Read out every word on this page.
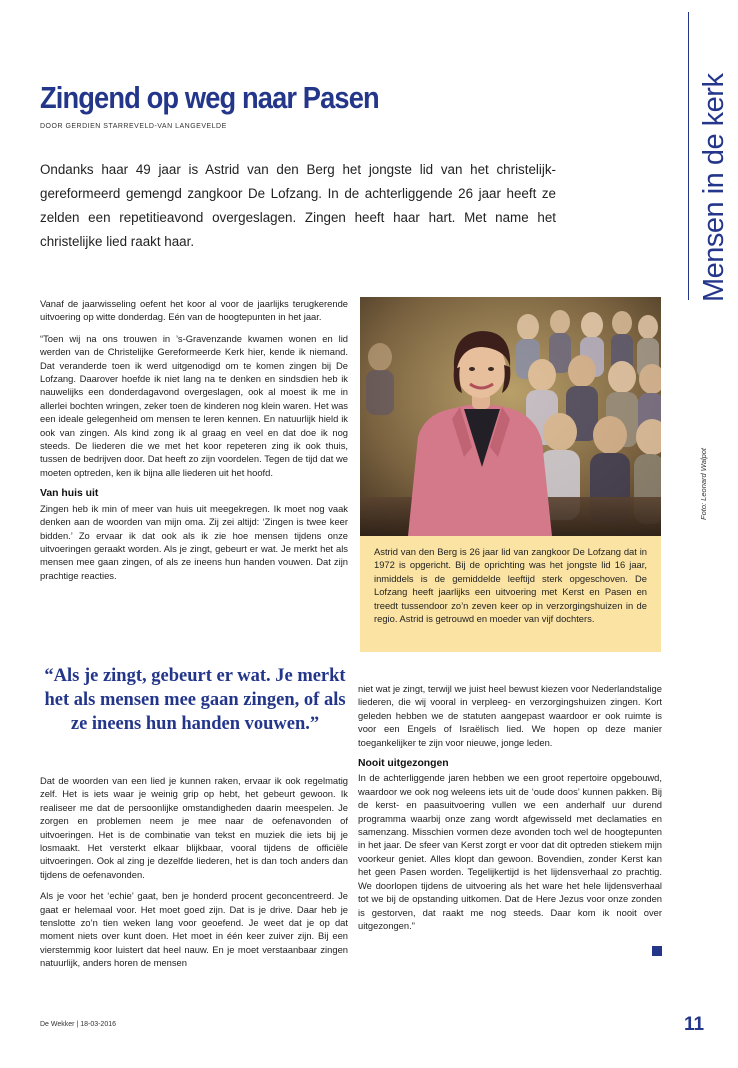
Mensen in de kerk
Foto: Leonard Walpot
Zingend op weg naar Pasen
DOOR GERDIEN STARREVELD-VAN LANGEVELDE
Ondanks haar 49 jaar is Astrid van den Berg het jongste lid van het christelijk-gereformeerd gemengd zangkoor De Lofzang. In de achterliggende 26 jaar heeft ze zelden een repetitieavond overgeslagen. Zingen heeft haar hart. Met name het christelijke lied raakt haar.

Vanaf de jaarwisseling oefent het koor al voor de jaarlijks terugkerende uitvoering op witte donderdag. Eén van de hoogtepunten in het jaar.

“Toen wij na ons trouwen in ’s-Gravenzande kwamen wonen en lid werden van de Christelijke Gereformeerde Kerk hier, kende ik niemand. Dat veranderde toen ik werd uitgenodigd om te komen zingen bij De Lofzang. Daarover hoefde ik niet lang na te denken en sindsdien heb ik nauwelijks een donderdagavond overgeslagen, ook al moest ik me in allerlei bochten wringen, zeker toen de kinderen nog klein waren. Het was een ideale gelegenheid om mensen te leren kennen. En natuurlijk hield ik ook van zingen. Als kind zong ik al graag en veel en dat doe ik nog steeds. De liederen die we met het koor repeteren zing ik ook thuis, tussen de bedrijven door. Dat heeft zo zijn voordelen. Tegen de tijd dat we moeten optreden, ken ik bijna alle liederen uit het hoofd.

Van huis uit

Zingen heb ik min of meer van huis uit meegekregen. Ik moet nog vaak denken aan de woorden van mijn oma. Zij zei altijd: ‘Zingen is twee keer bidden.’ Zo ervaar ik dat ook als ik zie hoe mensen tijdens onze uitvoeringen geraakt worden. Als je zingt, gebeurt er wat. Je merkt het als mensen mee gaan zingen, of als ze ineens hun handen vouwen. Dat zijn prachtige reacties.

Astrid van den Berg is 26 jaar lid van zangkoor De Lofzang dat in 1972 is opgericht. Bij de oprichting was het jongste lid 16 jaar, inmiddels is de gemiddelde leeftijd sterk opgeschoven. De Lofzang heeft jaarlijks een uitvoering met Kerst en Pasen en treedt tussendoor zo’n zeven keer op in verzorgingshuizen in de regio. Astrid is getrouwd en moeder van vijf dochters.
“Als je zingt, gebeurt er wat. Je merkt het als mensen mee gaan zingen, of als ze ineens hun handen vouwen.”

Dat de woorden van een lied je kunnen raken, ervaar ik ook regelmatig zelf. Het is iets waar je weinig grip op hebt, het gebeurt gewoon. Ik realiseer me dat de persoonlijke omstandigheden daarin meespelen. Je zorgen en problemen neem je mee naar de oefenavonden of uitvoeringen. Het is de combinatie van tekst en muziek die iets bij je losmaakt. Het versterkt elkaar blijkbaar, vooral tijdens de officiële uitvoeringen. Ook al zing je dezelfde liederen, het is dan toch anders dan tijdens de oefenavonden.

Als je voor het ‘echie’ gaat, ben je honderd procent geconcentreerd. Je gaat er helemaal voor. Het moet goed zijn. Dat is je drive. Daar heb je tenslotte zo’n tien weken lang voor geoefend. Je weet dat je op dat moment niets over kunt doen. Het moet in één keer zuiver zijn. Bij een vierstemmig koor luistert dat heel nauw. En je moet verstaanbaar zingen natuurlijk, anders horen de mensen

niet wat je zingt, terwijl we juist heel bewust kiezen voor Nederlandstalige liederen, die wij vooral in verpleeg- en verzorgingshuizen zingen. Kort geleden hebben we de statuten aangepast waardoor er ook ruimte is voor een Engels of Israëlisch lied. We hopen op deze manier toegankelijker te zijn voor nieuwe, jonge leden.

Nooit uitgezongen

In de achterliggende jaren hebben we een groot repertoire opgebouwd, waardoor we ook nog weleens iets uit de ‘oude doos’ kunnen pakken. Bij de kerst- en paasuitvoering vullen we een anderhalf uur durend programma waarbij onze zang wordt afgewisseld met declamaties en samenzang. Misschien vormen deze avonden toch wel de hoogtepunten in het jaar. De sfeer van Kerst zorgt er voor dat dit optreden stiekem mijn voorkeur geniet. Alles klopt dan gewoon. Bovendien, zonder Kerst kan het geen Pasen worden. Tegelijkertijd is het lijdensverhaal zo prachtig. We doorlopen tijdens de uitvoering als het ware het hele lijdensverhaal tot we bij de opstanding uitkomen. Dat de Here Jezus voor onze zonden is gestorven, dat raakt me nog steeds. Daar kom ik nooit over uitgezongen.”

De Wekker | 18-03-2016	11
